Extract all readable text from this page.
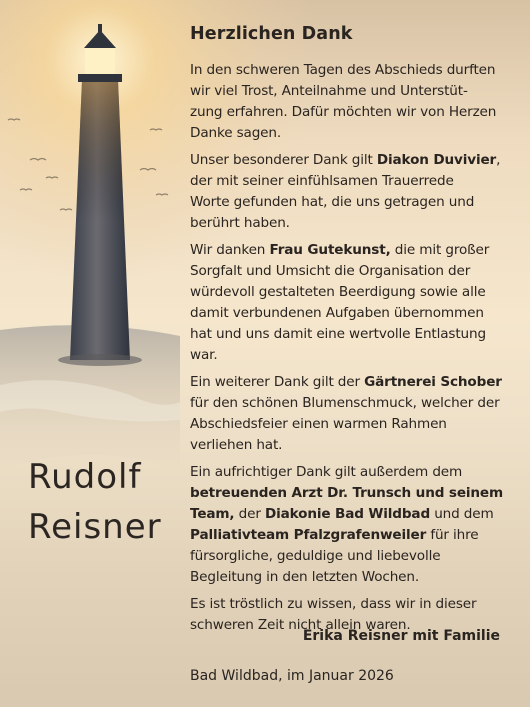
Herzlichen Dank
In den schweren Tagen des Abschieds durften
wir viel Trost, Anteilnahme und Unterstüt-
zung erfahren. Dafür möchten wir von Herzen
Danke sagen.
Unser besonderer Dank gilt Diakon Duvivier,
der mit seiner einfühlsamen Trauerrede
Worte gefunden hat, die uns getragen und
berührt haben.
Wir danken Frau Gutekunst, die mit großer
Sorgfalt und Umsicht die Organisation der
würdevoll gestalteten Beerdigung sowie alle
damit verbundenen Aufgaben übernommen
hat und uns damit eine wertvolle Entlastung
war.
Ein weiterer Dank gilt der Gärtnerei Schober
für den schönen Blumenschmuck, welcher der
Abschiedsfeier einen warmen Rahmen
verliehen hat.
Ein aufrichtiger Dank gilt außerdem dem
betreuenden Arzt Dr. Trunsch und seinem
Team, der Diakonie Bad Wildbad und dem
Palliativteam Pfalzgrafenweiler für ihre
fürsorgliche, geduldige und liebevolle
Begleitung in den letzten Wochen.
Es ist tröstlich zu wissen, dass wir in dieser
schweren Zeit nicht allein waren.
Rudolf
Reisner
Erika Reisner mit Familie
Bad Wildbad, im Januar 2026
